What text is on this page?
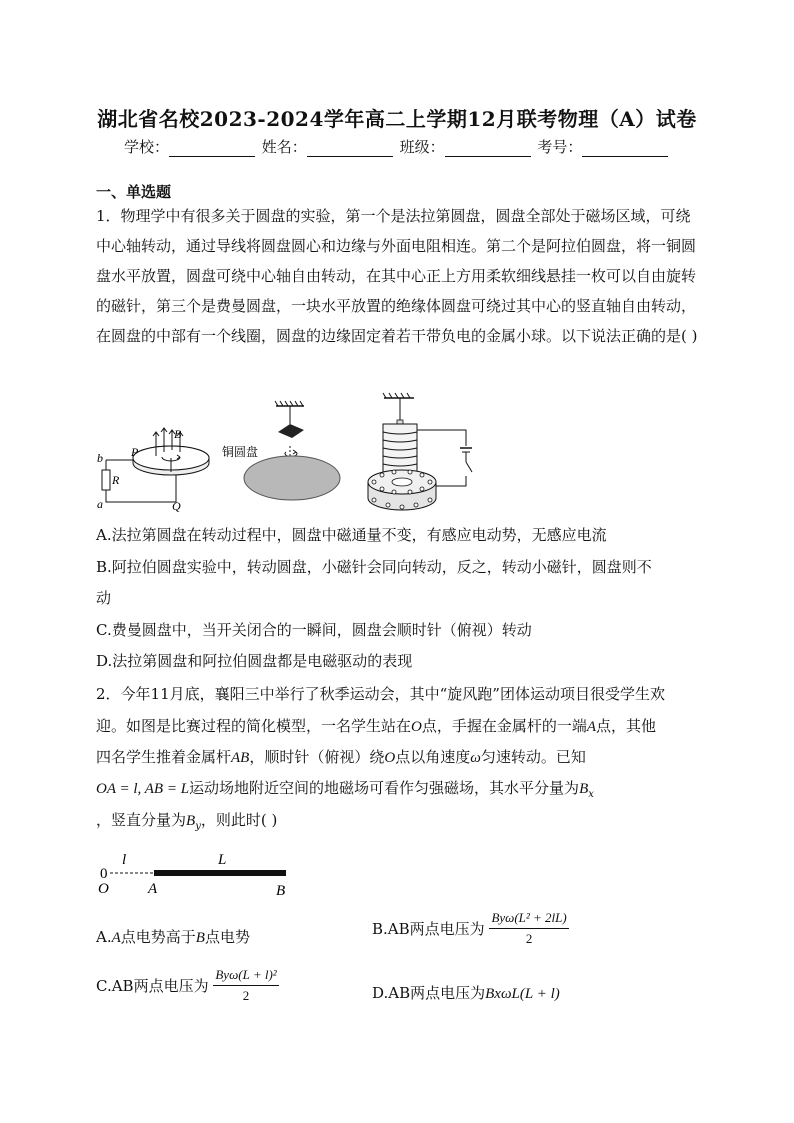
湖北省名校2023-2024学年高二上学期12月联考物理（A）试卷
学校：	姓名：	班级：	考号：
一、单选题
1．物理学中有很多关于圆盘的实验，第一个是法拉第圆盘，圆盘全部处于磁场区域，可绕中心轴转动，通过导线将圆盘圆心和边缘与外面电阻相连。第二个是阿拉伯圆盘，将一铜圆盘水平放置，圆盘可绕中心轴自由转动，在其中心正上方用柔软细线悬挂一枚可以自由旋转的磁针，第三个是费曼圆盘，一块水平放置的绝缘体圆盘可绕过其中心的竖直轴自由转动，在圆盘的中部有一个线圈，圆盘的边缘固定着若干带负电的金属小球。以下说法正确的是( )
B
P
Q
R
a
b	铜圆盘
A.法拉第圆盘在转动过程中，圆盘中磁通量不变，有感应电动势，无感应电流
B.阿拉伯圆盘实验中，转动圆盘，小磁针会同向转动，反之，转动小磁针，圆盘则不
动
C.费曼圆盘中，当开关闭合的一瞬间，圆盘会顺时针（俯视）转动
D.法拉第圆盘和阿拉伯圆盘都是电磁驱动的表现
2．今年11月底，襄阳三中举行了秋季运动会，其中“旋风跑”团体运动项目很受学生欢
迎。如图是比赛过程的简化模型，一名学生站在O点，手握在金属杆的一端A点，其他
四名学生推着金属杆AB，顺时针（俯视）绕O点以角速度ω匀速转动。已知
OA = l, AB = L运动场地附近空间的地磁场可看作匀强磁场，其水平分量为$B_x$
，竖直分量为$B_y$，则此时( )
0
l	L
O	A	B
A.A点电势高于B点电势	B.AB两点电压为 $\frac{\text{Byω(L² + 2lL)}}{2}$
C.AB两点电压为 $\frac{\text{Byω(L + l)²}}{2}$	D.AB两点电压为BxωL(L + l)
